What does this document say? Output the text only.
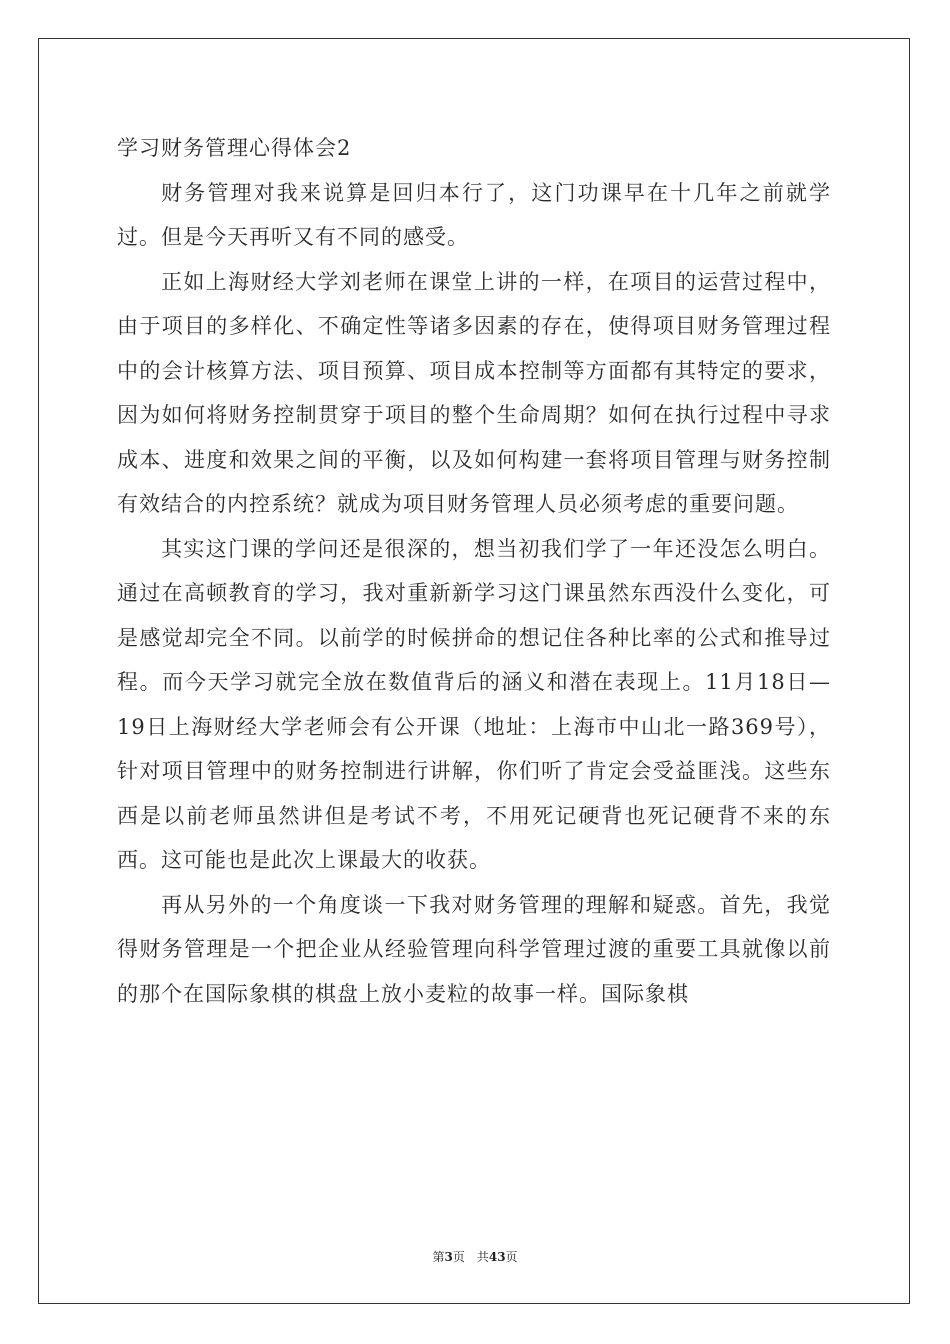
学习财务管理心得体会2

财务管理对我来说算是回归本行了，这门功课早在十几年之前就学过。但是今天再听又有不同的感受。

正如上海财经大学刘老师在课堂上讲的一样，在项目的运营过程中，由于项目的多样化、不确定性等诸多因素的存在，使得项目财务管理过程中的会计核算方法、项目预算、项目成本控制等方面都有其特定的要求，因为如何将财务控制贯穿于项目的整个生命周期？如何在执行过程中寻求成本、进度和效果之间的平衡，以及如何构建一套将项目管理与财务控制有效结合的内控系统？就成为项目财务管理人员必须考虑的重要问题。

其实这门课的学问还是很深的，想当初我们学了一年还没怎么明白。通过在高顿教育的学习，我对重新新学习这门课虽然东西没什么变化，可是感觉却完全不同。以前学的时候拼命的想记住各种比率的公式和推导过程。而今天学习就完全放在数值背后的涵义和潜在表现上。11月18日—19日上海财经大学老师会有公开课（地址：上海市中山北一路369号），针对项目管理中的财务控制进行讲解，你们听了肯定会受益匪浅。这些东西是以前老师虽然讲但是考试不考，不用死记硬背也死记硬背不来的东西。这可能也是此次上课最大的收获。

再从另外的一个角度谈一下我对财务管理的理解和疑惑。首先，我觉得财务管理是一个把企业从经验管理向科学管理过渡的重要工具就像以前的那个在国际象棋的棋盘上放小麦粒的故事一样。国际象棋

第3页 共43页
